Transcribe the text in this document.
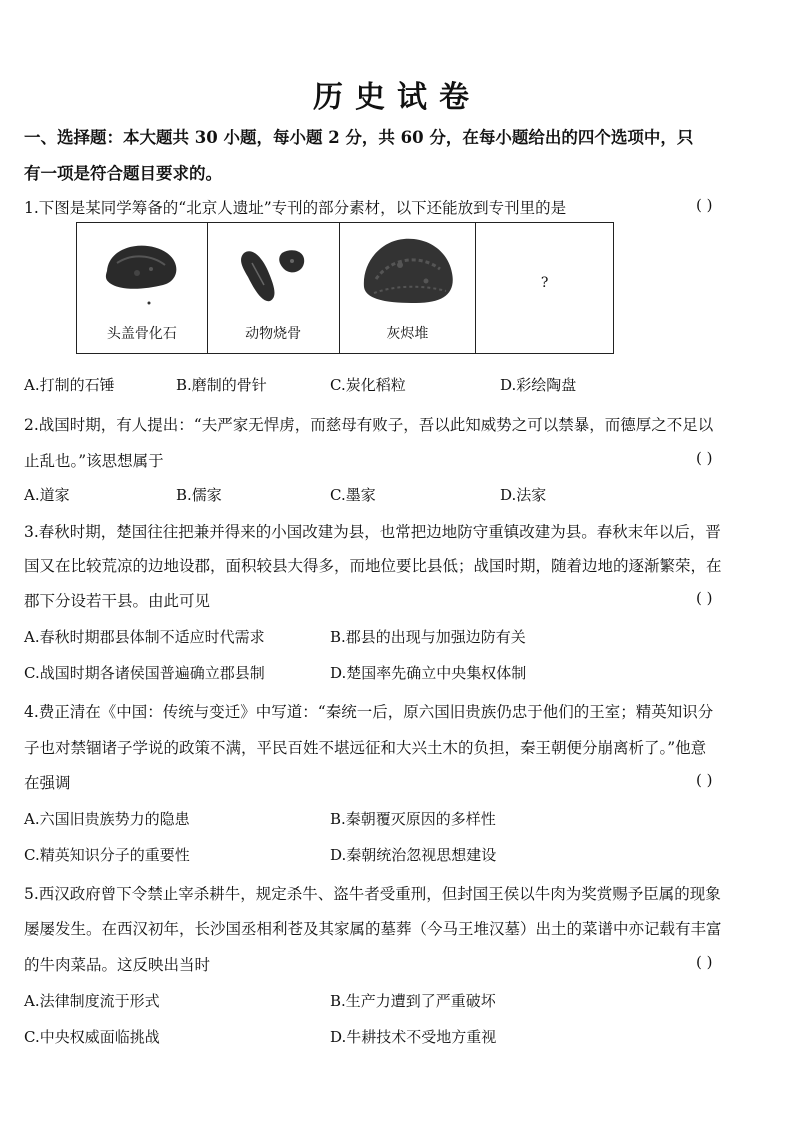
历史试卷
一、选择题：本大题共 30 小题，每小题 2 分，共 60 分，在每小题给出的四个选项中，只
有一项是符合题目要求的。
1.下图是某同学筹备的“北京人遗址”专刊的部分素材，以下还能放到专刊里的是	( )
头盖骨化石	动物烧骨	灰烬堆
?
A.打制的石锤	B.磨制的骨针	C.炭化稻粒	D.彩绘陶盘
2.战国时期，有人提出：“夫严家无悍虏，而慈母有败子，吾以此知威势之可以禁暴，而德厚之不足以
止乱也。”该思想属于	( )
A.道家	B.儒家	C.墨家	D.法家
3.春秋时期，楚国往往把兼并得来的小国改建为县，也常把边地防守重镇改建为县。春秋末年以后，晋
国又在比较荒凉的边地设郡，面积较县大得多，而地位要比县低；战国时期，随着边地的逐渐繁荣，在
郡下分设若干县。由此可见	( )
A.春秋时期郡县体制不适应时代需求	B.郡县的出现与加强边防有关
C.战国时期各诸侯国普遍确立郡县制	D.楚国率先确立中央集权体制
4.费正清在《中国：传统与变迁》中写道：“秦统一后，原六国旧贵族仍忠于他们的王室；精英知识分
子也对禁锢诸子学说的政策不满，平民百姓不堪远征和大兴土木的负担，秦王朝便分崩离析了。”他意
在强调	( )
A.六国旧贵族势力的隐患	B.秦朝覆灭原因的多样性
C.精英知识分子的重要性	D.秦朝统治忽视思想建设
5.西汉政府曾下令禁止宰杀耕牛，规定杀牛、盗牛者受重刑，但封国王侯以牛肉为奖赏赐予臣属的现象
屡屡发生。在西汉初年，长沙国丞相利苍及其家属的墓葬（今马王堆汉墓）出土的菜谱中亦记载有丰富
的牛肉菜品。这反映出当时	( )
A.法律制度流于形式	B.生产力遭到了严重破坏
C.中央权威面临挑战	D.牛耕技术不受地方重视
